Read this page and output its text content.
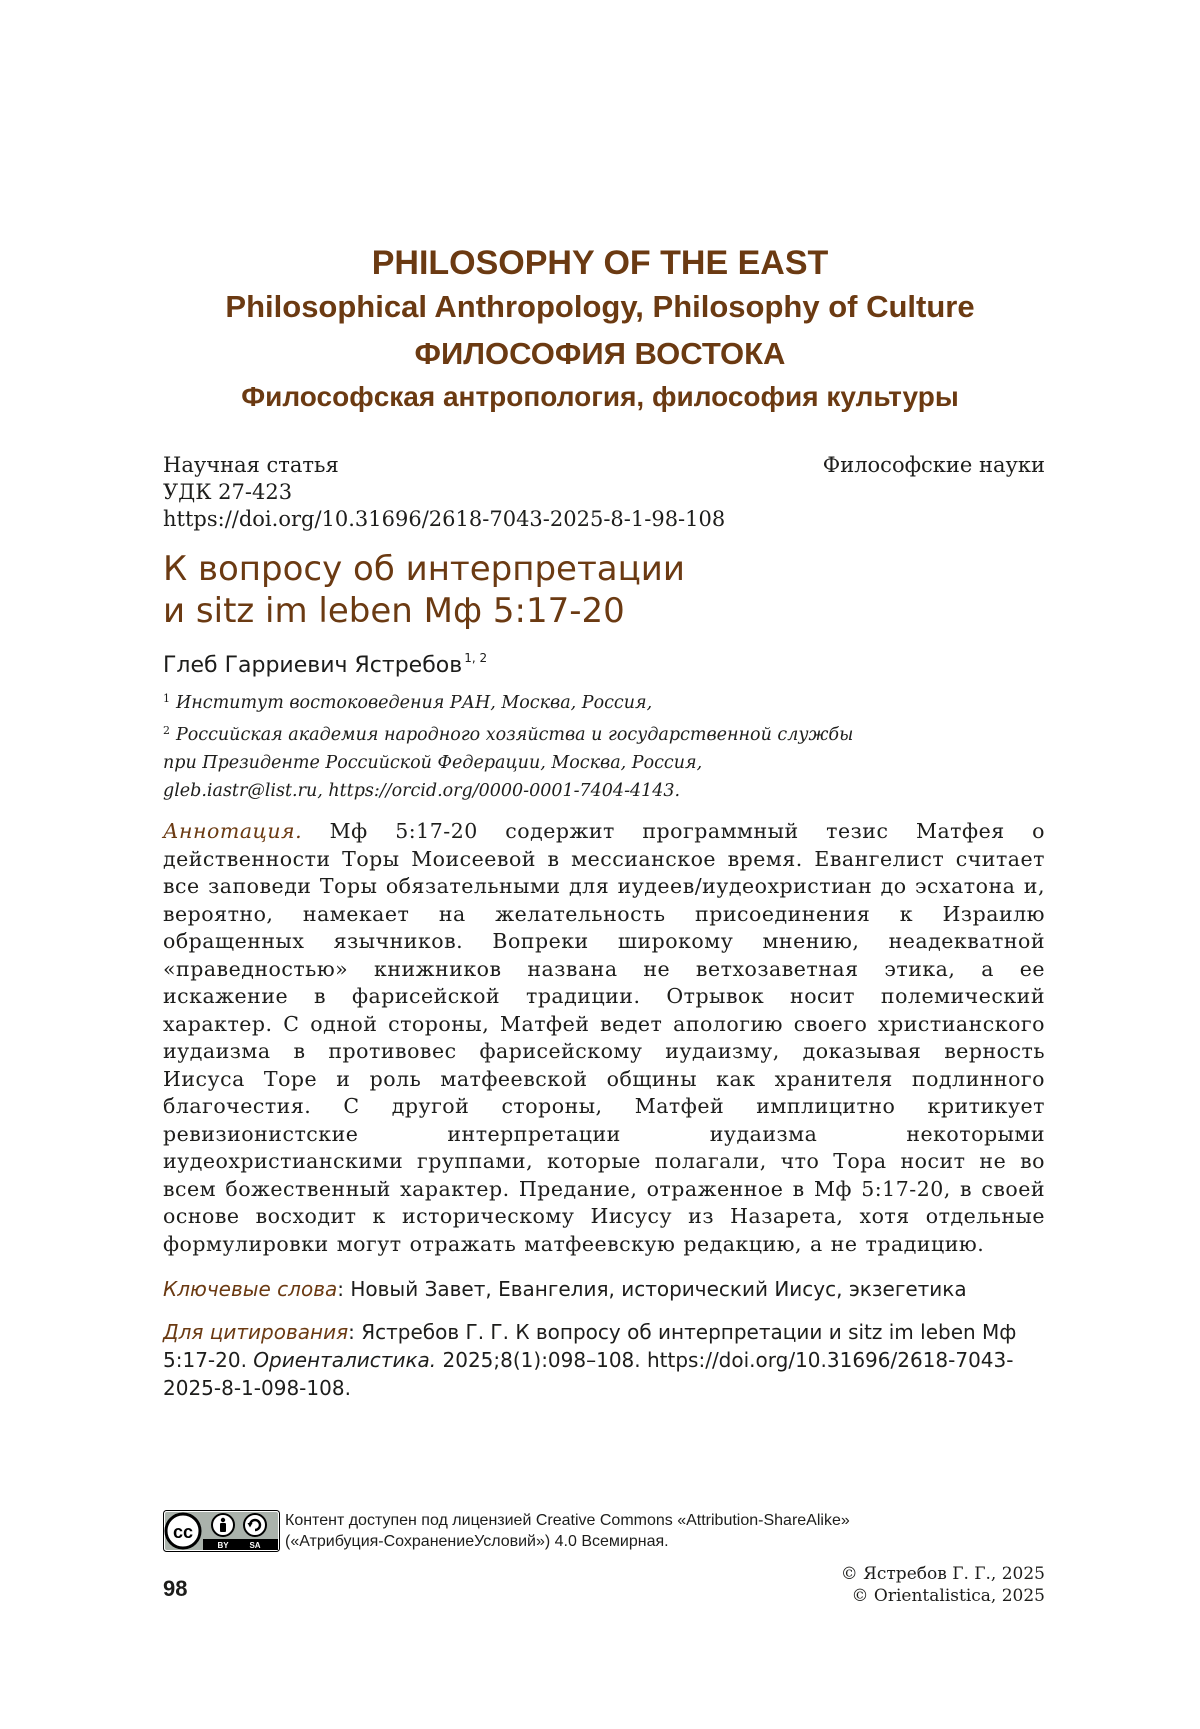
PHILOSOPHY OF THE EAST
Philosophical Anthropology, Philosophy of Culture
ФИЛОСОФИЯ ВОСТОКА
Философская антропология, философия культуры
Научная статья	Философские науки
УДК 27-423
https://doi.org/10.31696/2618-7043-2025-8-1-98-108
К вопросу об интерпретации
и sitz im leben Мф 5:17-20
Глеб Гарриевич Ястребов $^{1, 2}$
$^1$ Институт востоковедения РАН, Москва, Россия,
$^2$ Российская академия народного хозяйства и государственной службы
при Президенте Российской Федерации, Москва, Россия,
gleb.iastr@list.ru, https://orcid.org/0000-0001-7404-4143.
Аннотация. Мф 5:17-20 содержит программный тезис Матфея о действенности Торы Моисеевой в мессианское время. Евангелист считает все заповеди Торы обязательными для иудеев/иудеохристиан до эсхатона и, вероятно, намекает на желательность присоединения к Израилю обращенных язычников. Вопреки широкому мнению, неадекватной «праведностью» книжников названа не ветхозаветная этика, а ее искажение в фарисейской традиции. Отрывок носит полемический характер. С одной стороны, Матфей ведет апологию своего христианского иудаизма в противовес фарисейскому иудаизму, доказывая верность Иисуса Торе и роль матфеевской общины как хранителя подлинного благочестия. С другой стороны, Матфей имплицитно критикует ревизионистские интерпретации иудаизма некоторыми иудеохристианскими группами, которые полагали, что Тора носит не во всем божественный характер. Предание, отраженное в Мф 5:17-20, в своей основе восходит к историческому Иисусу из Назарета, хотя отдельные формулировки могут отражать матфеевскую редакцию, а не традицию.
Ключевые слова: Новый Завет, Евангелия, исторический Иисус, экзегетика
Для цитирования: Ястребов Г. Г. К вопросу об интерпретации и sitz im leben Мф 5:17-20. Ориенталистика. 2025;8(1):098–108. https://doi.org/10.31696/2618-7043-2025-8-1-098-108.
cc
BY	SA
Контент доступен под лицензией Creative Commons «Attribution-ShareAlike»
(«Атрибуция-СохранениеУсловий») 4.0 Всемирная.
98
© Ястребов Г. Г., 2025
© Orientalistica, 2025
